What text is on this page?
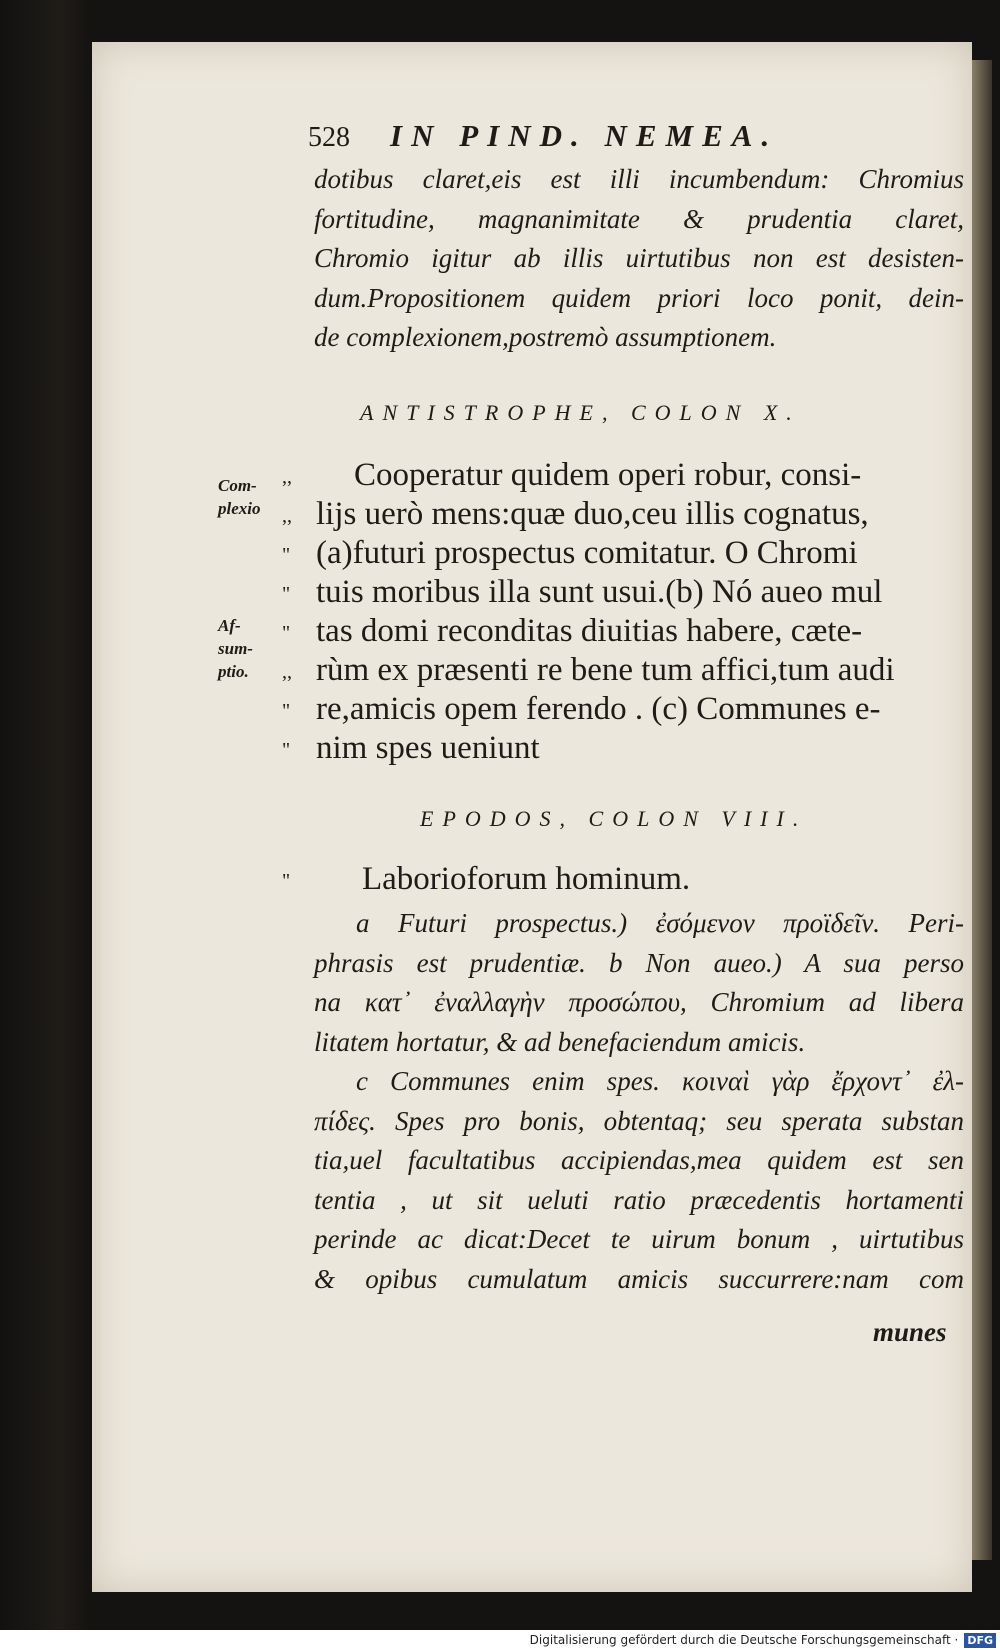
528 IN PIND. NEMEA.
dotibus claret,eis est illi incumbendum: Chromius
fortitudine, magnanimitate & prudentia claret,
Chromio igitur ab illis uirtutibus non est desisten-
dum.Propositionem quidem priori loco ponit, dein-
de complexionem,postremò assumptionem.
ANTISTROPHE, COLON X.
Com-
plexio
Af-
sum-
ptio.
,,
,,
"
"
"
,,
"
"
Cooperatur quidem operi robur, consi-
lijs uerò mens:quæ duo,ceu illis cognatus,
(a)futuri prospectus comitatur. O Chromi
tuis moribus illa sunt usui.(b) Nó aueo mul
tas domi reconditas diuitias habere, cæte-
rùm ex præsenti re bene tum affici,tum audi
re,amicis opem ferendo . (c) Communes e-
nim spes ueniunt
EPODOS, COLON VIII.
"	Laborioforum hominum.
a Futuri prospectus.) ἐσόμενον προϊδεῖν. Peri-
phrasis est prudentiæ. b Non aueo.) A sua perso
na κατ᾽ ἐναλλαγὴν προσώπου, Chromium ad libera
litatem hortatur, & ad benefaciendum amicis.
c Communes enim spes. κοιναὶ γὰρ ἔρχοντ᾽ ἐλ-
πίδες. Spes pro bonis, obtentaq; seu sperata substan
tia,uel facultatibus accipiendas,mea quidem est sen
tentia , ut sit ueluti ratio præcedentis hortamenti
perinde ac dicat:Decet te uirum bonum , uirtutibus
& opibus cumulatum amicis succurrere:nam com
munes
Digitalisierung gefördert durch die Deutsche Forschungsgemeinschaft · DFG
